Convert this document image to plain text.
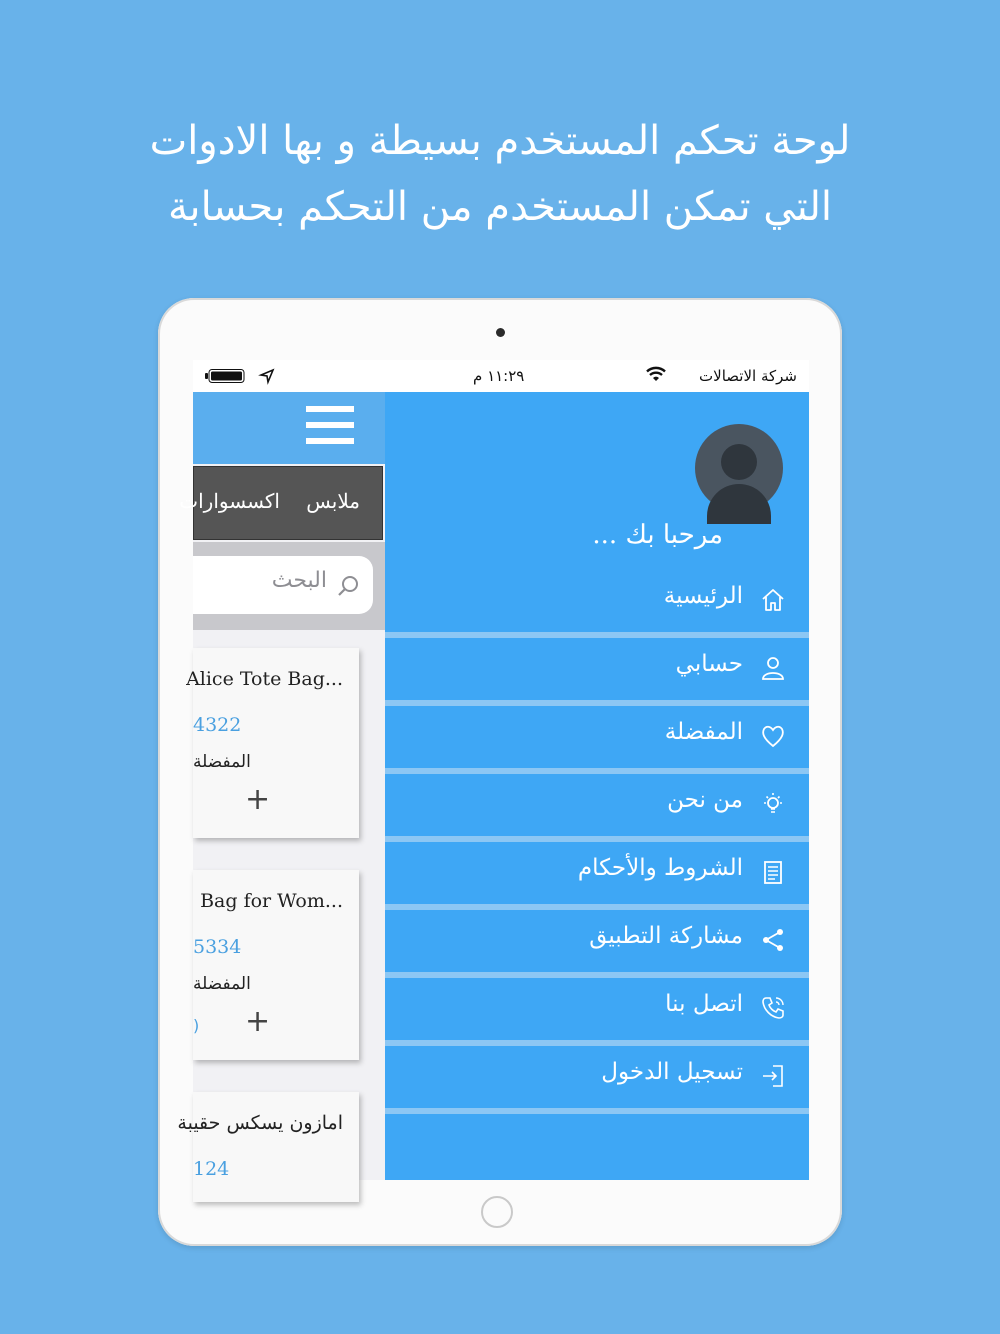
لوحة تحكم المستخدم بسيطة و بها الادوات
التي تمكن المستخدم من التحكم بحسابة
شركة الاتصالات
١١:٢٩ م
ملابس
اكسسوارات
البحث
Alice Tote Bag...
4322
المفضلة
+
Bag for Wom...
5334
المفضلة
) +
امازون يسكس حقيبة
124
مرحبا بك ...
الرئيسية
حسابي
المفضلة
من نحن
الشروط والأحكام
مشاركة التطبيق
اتصل بنا
تسجيل الدخول
